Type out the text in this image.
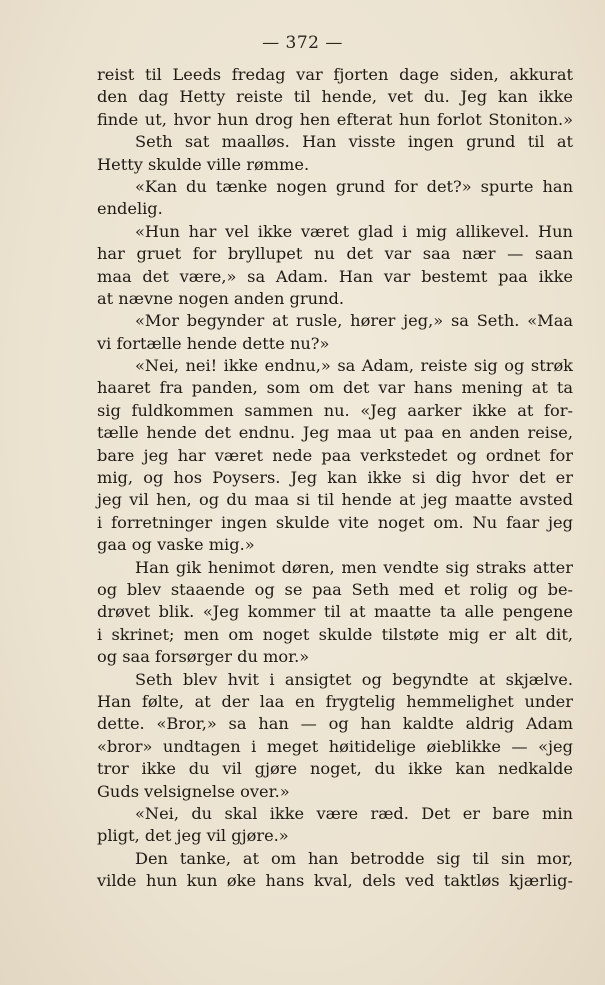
— 372 —
reist til Leeds fredag var fjorten dage siden, akkurat
den dag Hetty reiste til hende, vet du. Jeg kan ikke
finde ut, hvor hun drog hen efterat hun forlot Stoniton.»
Seth sat maalløs. Han visste ingen grund til at
Hetty skulde ville rømme.
«Kan du tænke nogen grund for det?» spurte han
endelig.
«Hun har vel ikke været glad i mig allikevel. Hun
har gruet for bryllupet nu det var saa nær — saan
maa det være,» sa Adam. Han var bestemt paa ikke
at nævne nogen anden grund.
«Mor begynder at rusle, hører jeg,» sa Seth. «Maa
vi fortælle hende dette nu?»
«Nei, nei! ikke endnu,» sa Adam, reiste sig og strøk
haaret fra panden, som om det var hans mening at ta
sig fuldkommen sammen nu. «Jeg aarker ikke at for-
tælle hende det endnu. Jeg maa ut paa en anden reise,
bare jeg har været nede paa verkstedet og ordnet for
mig, og hos Poysers. Jeg kan ikke si dig hvor det er
jeg vil hen, og du maa si til hende at jeg maatte avsted
i forretninger ingen skulde vite noget om. Nu faar jeg
gaa og vaske mig.»
Han gik henimot døren, men vendte sig straks atter
og blev staaende og se paa Seth med et rolig og be-
drøvet blik. «Jeg kommer til at maatte ta alle pengene
i skrinet; men om noget skulde tilstøte mig er alt dit,
og saa forsørger du mor.»
Seth blev hvit i ansigtet og begyndte at skjælve.
Han følte, at der laa en frygtelig hemmelighet under
dette. «Bror,» sa han — og han kaldte aldrig Adam
«bror» undtagen i meget høitidelige øieblikke — «jeg
tror ikke du vil gjøre noget, du ikke kan nedkalde
Guds velsignelse over.»
«Nei, du skal ikke være ræd. Det er bare min
pligt, det jeg vil gjøre.»
Den tanke, at om han betrodde sig til sin mor,
vilde hun kun øke hans kval, dels ved taktløs kjærlig-
